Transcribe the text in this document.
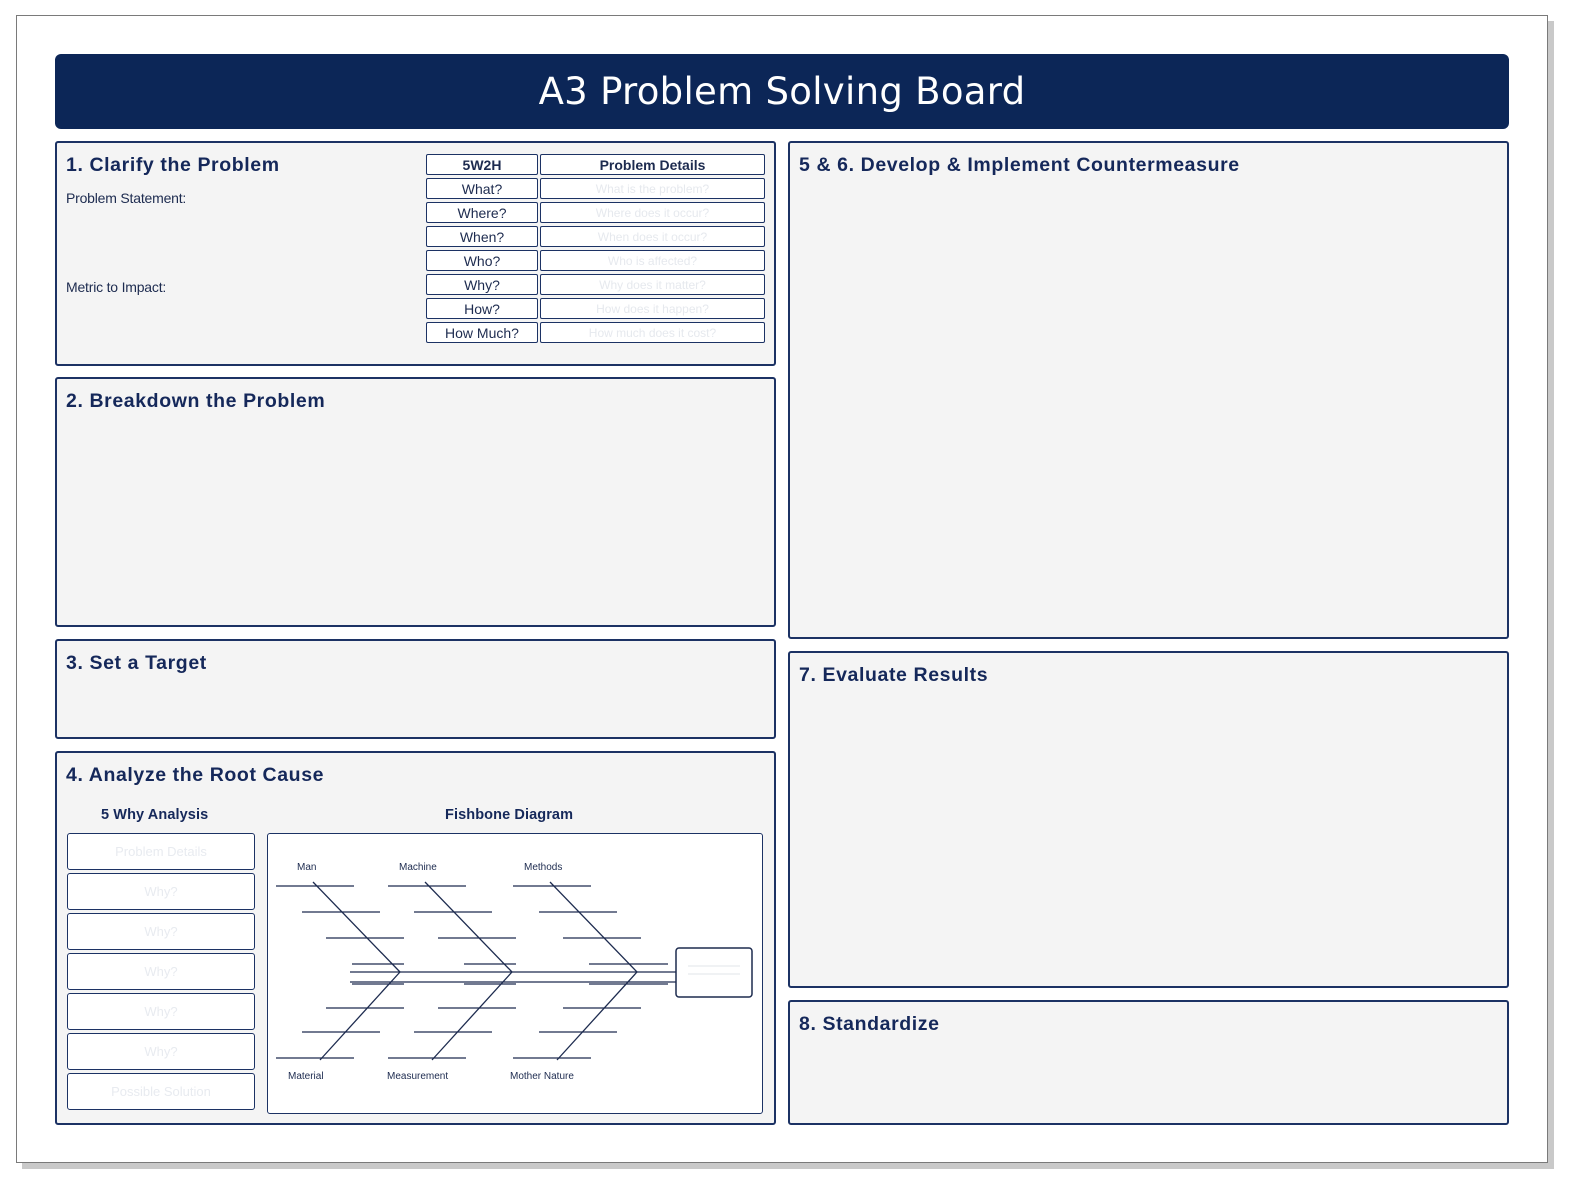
A3 Problem Solving Board
1. Clarify the Problem
Problem Statement:
Metric to Impact:
5W2H	Problem Details
What?	What is the problem?
Where?	Where does it occur?
When?	When does it occur?
Who?	Who is affected?
Why?	Why does it matter?
How?	How does it happen?
How Much?	How much does it cost?
2. Breakdown the Problem
3. Set a Target
4. Analyze the Root Cause
5 Why Analysis	Fishbone Diagram
Problem Details
Why?
Why?
Why?
Why?
Why?
Possible Solution
Man	Machine	Methods
Material	Measurement	Mother Nature
5 & 6. Develop & Implement Countermeasure
7. Evaluate Results
8. Standardize
